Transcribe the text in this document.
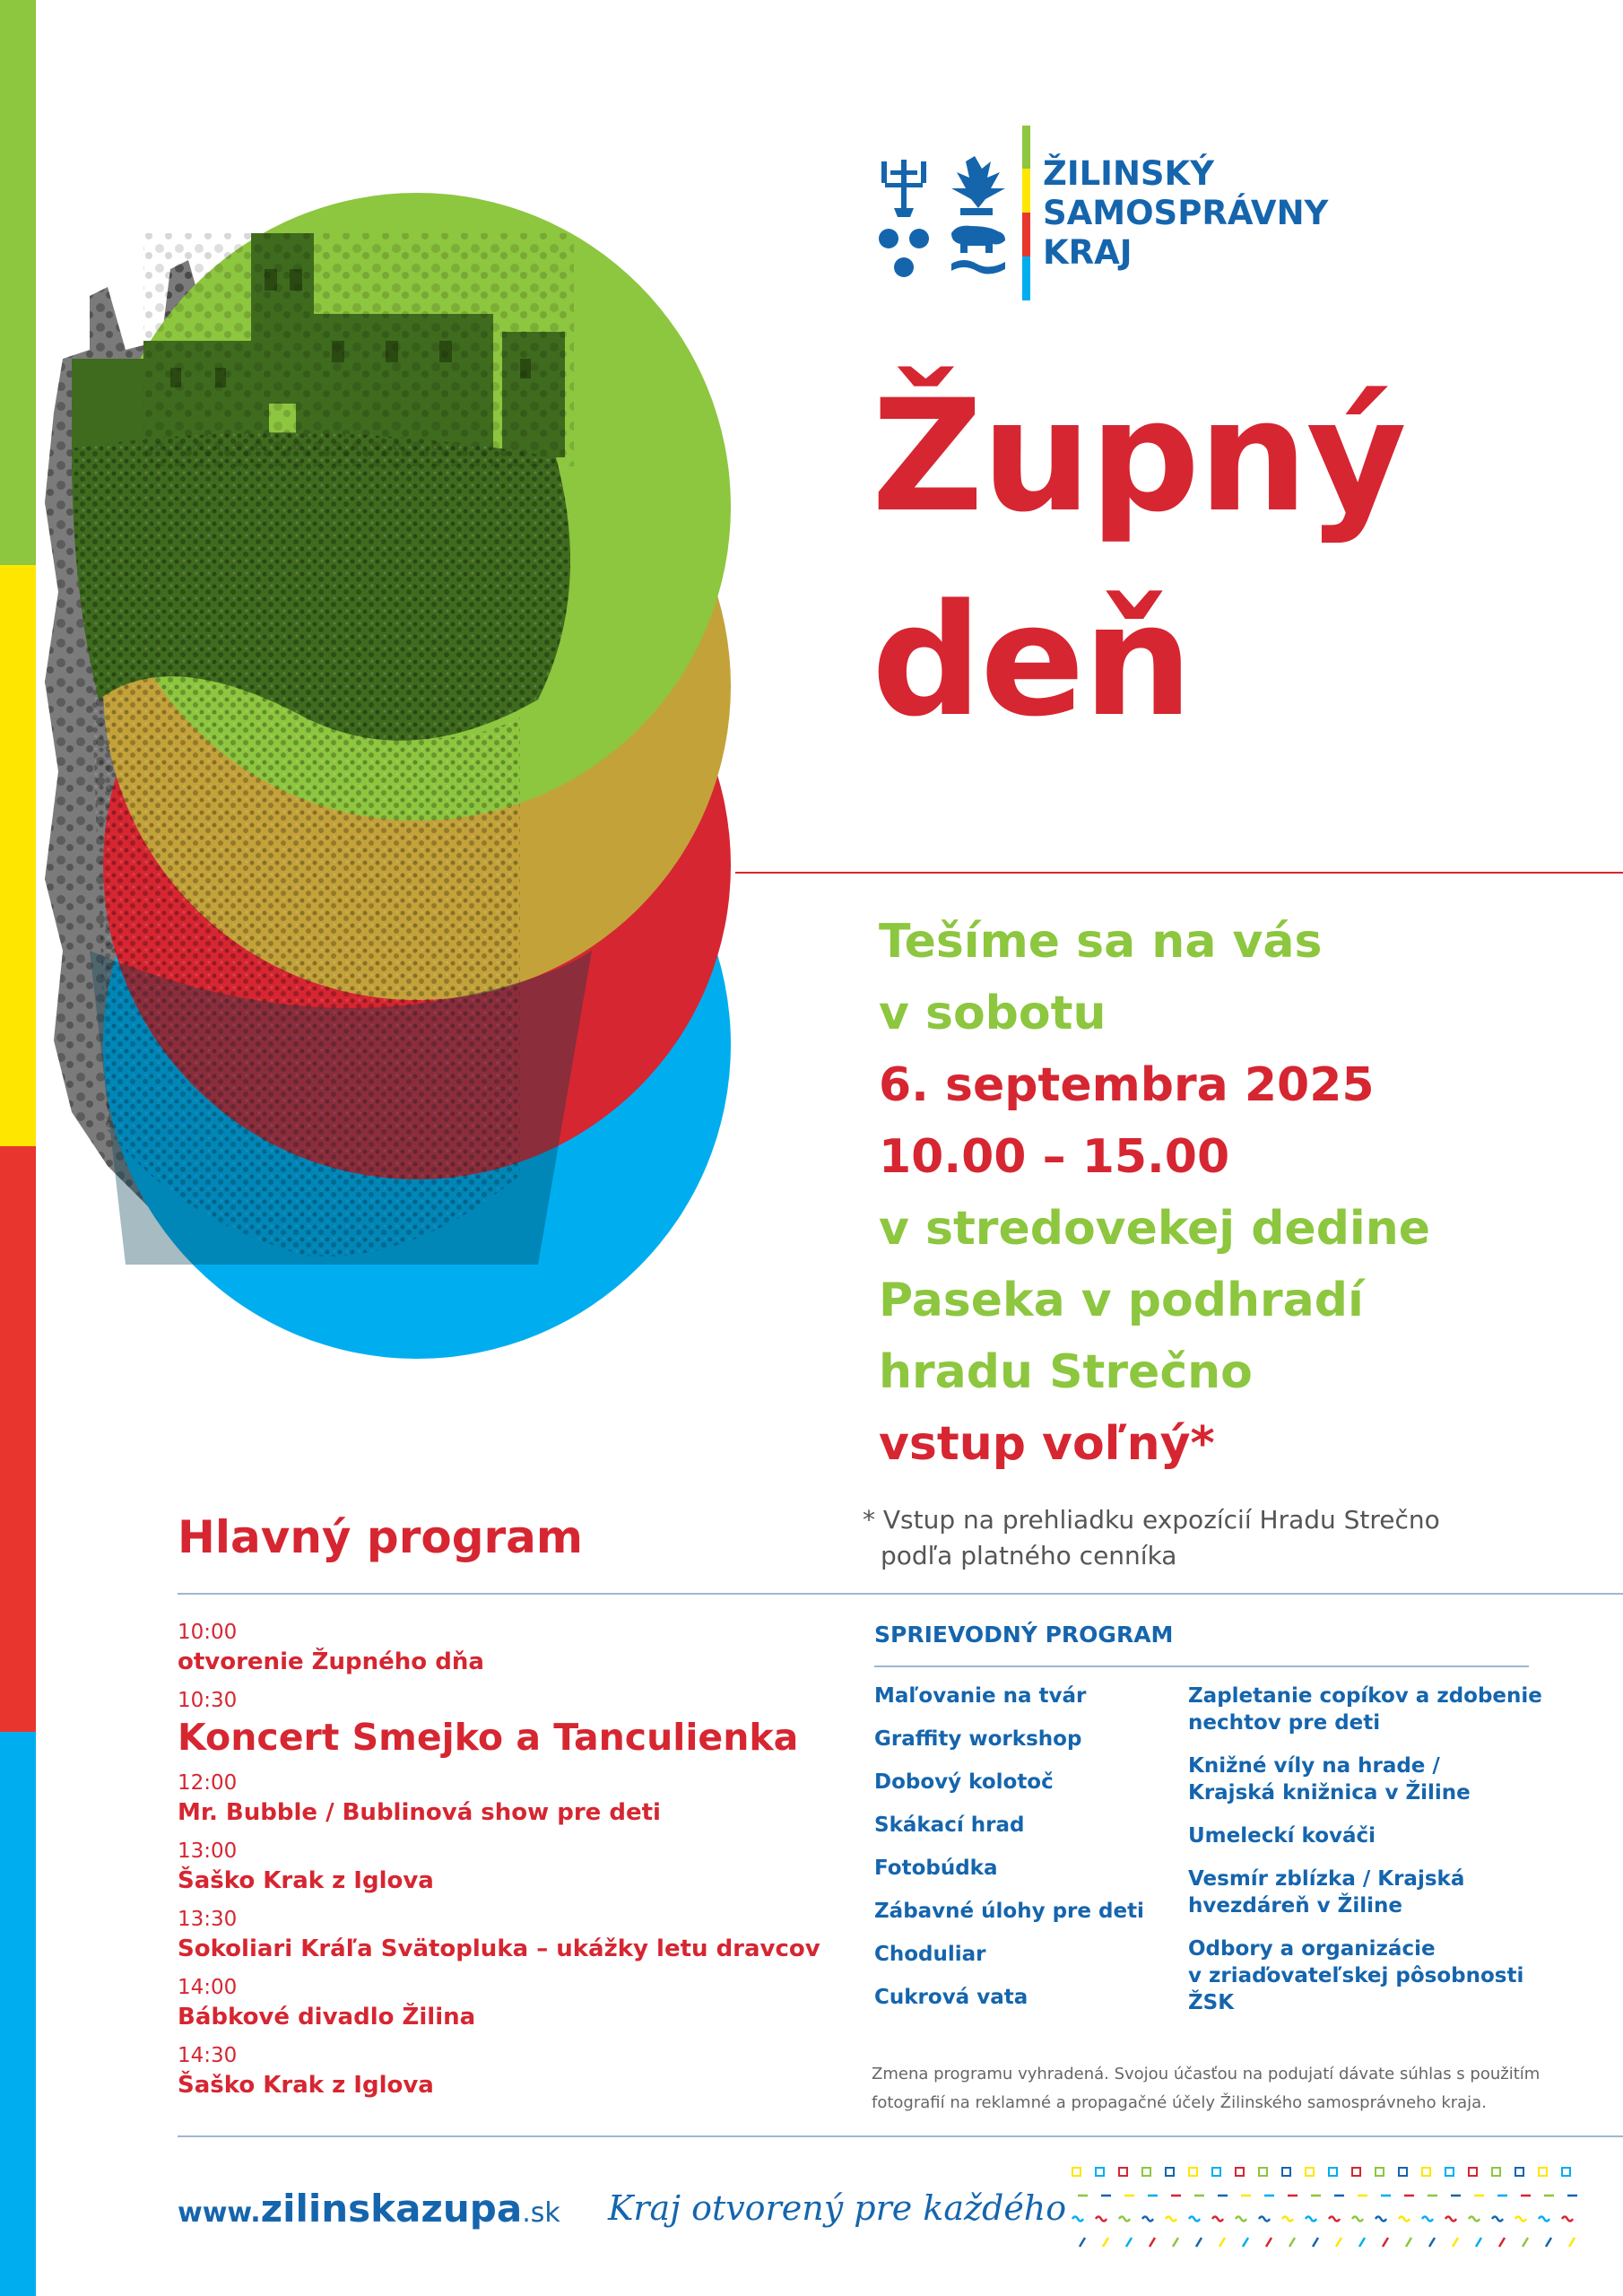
ŽILINSKÝ
SAMOSPRÁVNY
KRAJ
Župný
deň
Tešíme sa na vás
v sobotu
6. septembra 2025
10.00 – 15.00
v stredovekej dedine
Paseka v podhradí
hradu Strečno
vstup voľný*
* Vstup na prehliadku expozícií Hradu Strečno
podľa platného cenníka
Hlavný program
10:00
otvorenie Župného dňa
10:30
Koncert Smejko a Tanculienka
12:00
Mr. Bubble / Bublinová show pre deti
13:00
Šaško Krak z Iglova
13:30
Sokoliari Kráľa Svätopluka – ukážky letu dravcov
14:00
Bábkové divadlo Žilina
14:30
Šaško Krak z Iglova
SPRIEVODNÝ PROGRAM
Maľovanie na tvár
Graffity workshop
Dobový kolotoč
Skákací hrad
Fotobúdka
Zábavné úlohy pre deti
Choduliar
Cukrová vata
Zapletanie copíkov a zdobenie
nechtov pre deti
Knižné víly na hrade /
Krajská knižnica v Žiline
Umeleckí kováči
Vesmír zblízka / Krajská
hvezdáreň v Žiline
Odbory a organizácie
v zriaďovateľskej pôsobnosti
ŽSK
Zmena programu vyhradená. Svojou účasťou na podujatí dávate súhlas s použitím
fotografií na reklamné a propagačné účely Žilinského samosprávneho kraja.
www.zilinskazupa.sk Kraj otvorený pre každého
